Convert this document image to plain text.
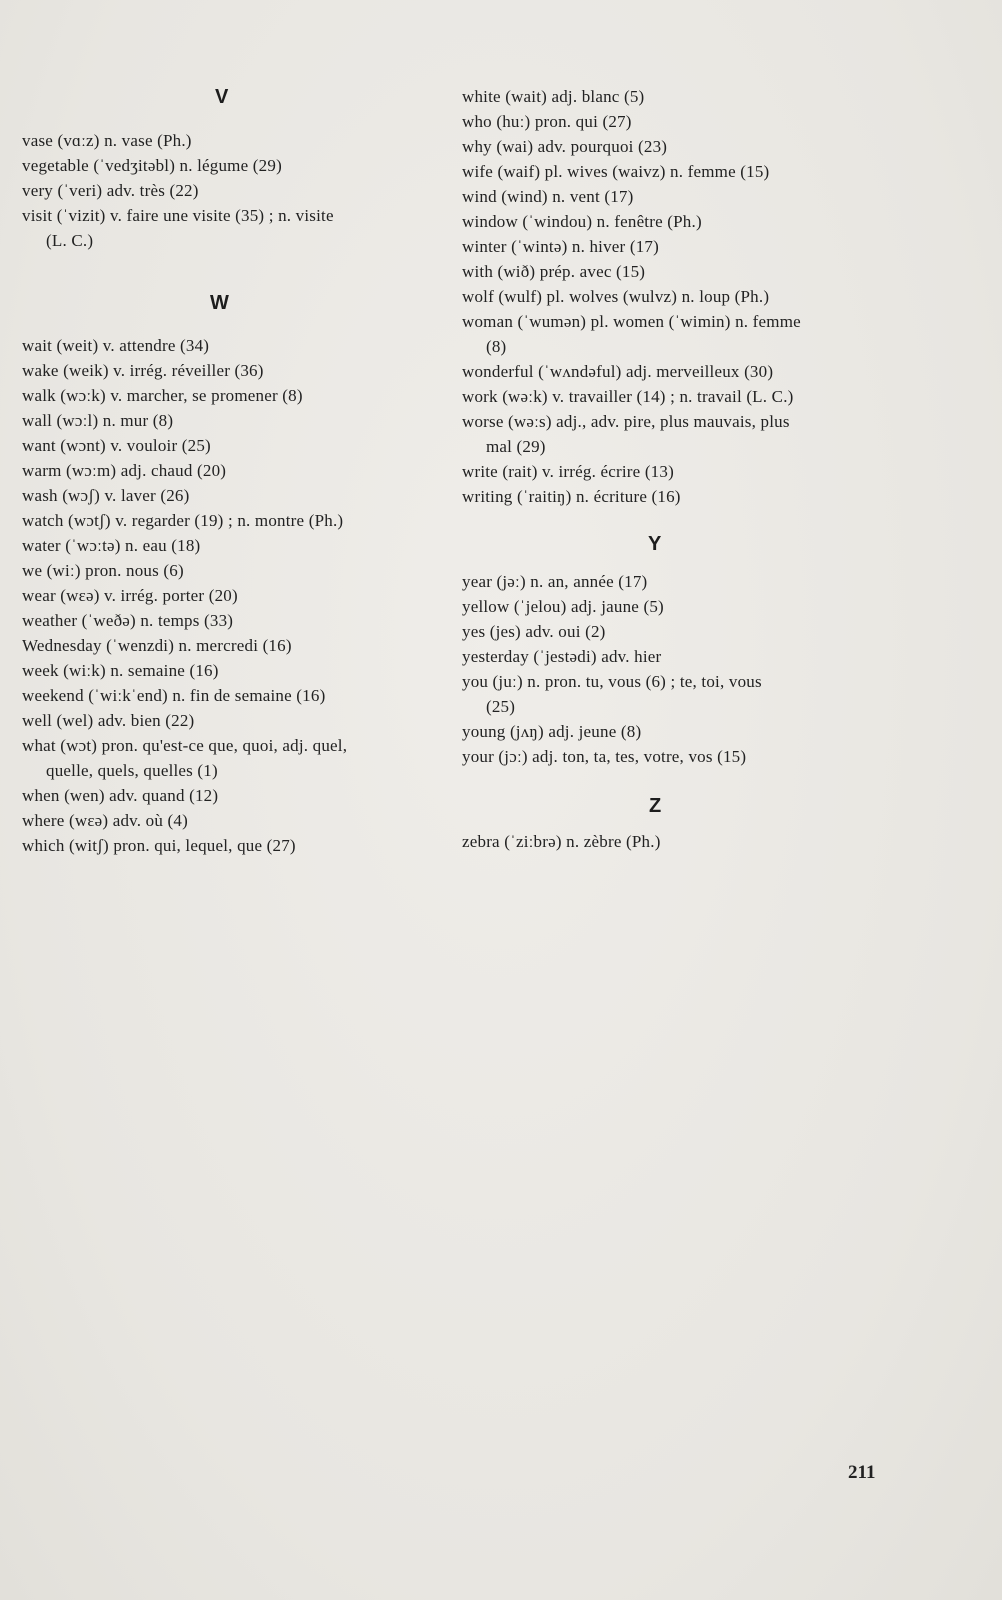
V
vase (vɑːz) n. vase (Ph.)
vegetable (ˈvedʒitəbl) n. légume (29)
very (ˈveri) adv. très (22)
visit (ˈvizit) v. faire une visite (35) ; n. visite
(L. C.)
W
wait (weit) v. attendre (34)
wake (weik) v. irrég. réveiller (36)
walk (wɔːk) v. marcher, se promener (8)
wall (wɔːl) n. mur (8)
want (wɔnt) v. vouloir (25)
warm (wɔːm) adj. chaud (20)
wash (wɔʃ) v. laver (26)
watch (wɔtʃ) v. regarder (19) ; n. montre (Ph.)
water (ˈwɔːtə) n. eau (18)
we (wiː) pron. nous (6)
wear (wɛə) v. irrég. porter (20)
weather (ˈweðə) n. temps (33)
Wednesday (ˈwenzdi) n. mercredi (16)
week (wiːk) n. semaine (16)
weekend (ˈwiːkˈend) n. fin de semaine (16)
well (wel) adv. bien (22)
what (wɔt) pron. qu'est-ce que, quoi, adj. quel,
quelle, quels, quelles (1)
when (wen) adv. quand (12)
where (wɛə) adv. où (4)
which (witʃ) pron. qui, lequel, que (27)
white (wait) adj. blanc (5)
who (huː) pron. qui (27)
why (wai) adv. pourquoi (23)
wife (waif) pl. wives (waivz) n. femme (15)
wind (wind) n. vent (17)
window (ˈwindou) n. fenêtre (Ph.)
winter (ˈwintə) n. hiver (17)
with (wið) prép. avec (15)
wolf (wulf) pl. wolves (wulvz) n. loup (Ph.)
woman (ˈwumən) pl. women (ˈwimin) n. femme
(8)
wonderful (ˈwʌndəful) adj. merveilleux (30)
work (wəːk) v. travailler (14) ; n. travail (L. C.)
worse (wəːs) adj., adv. pire, plus mauvais, plus
mal (29)
write (rait) v. irrég. écrire (13)
writing (ˈraitiŋ) n. écriture (16)
Y
year (jəː) n. an, année (17)
yellow (ˈjelou) adj. jaune (5)
yes (jes) adv. oui (2)
yesterday (ˈjestədi) adv. hier
you (juː) n. pron. tu, vous (6) ; te, toi, vous
(25)
young (jʌŋ) adj. jeune (8)
your (jɔː) adj. ton, ta, tes, votre, vos (15)
Z
zebra (ˈziːbrə) n. zèbre (Ph.)
211
